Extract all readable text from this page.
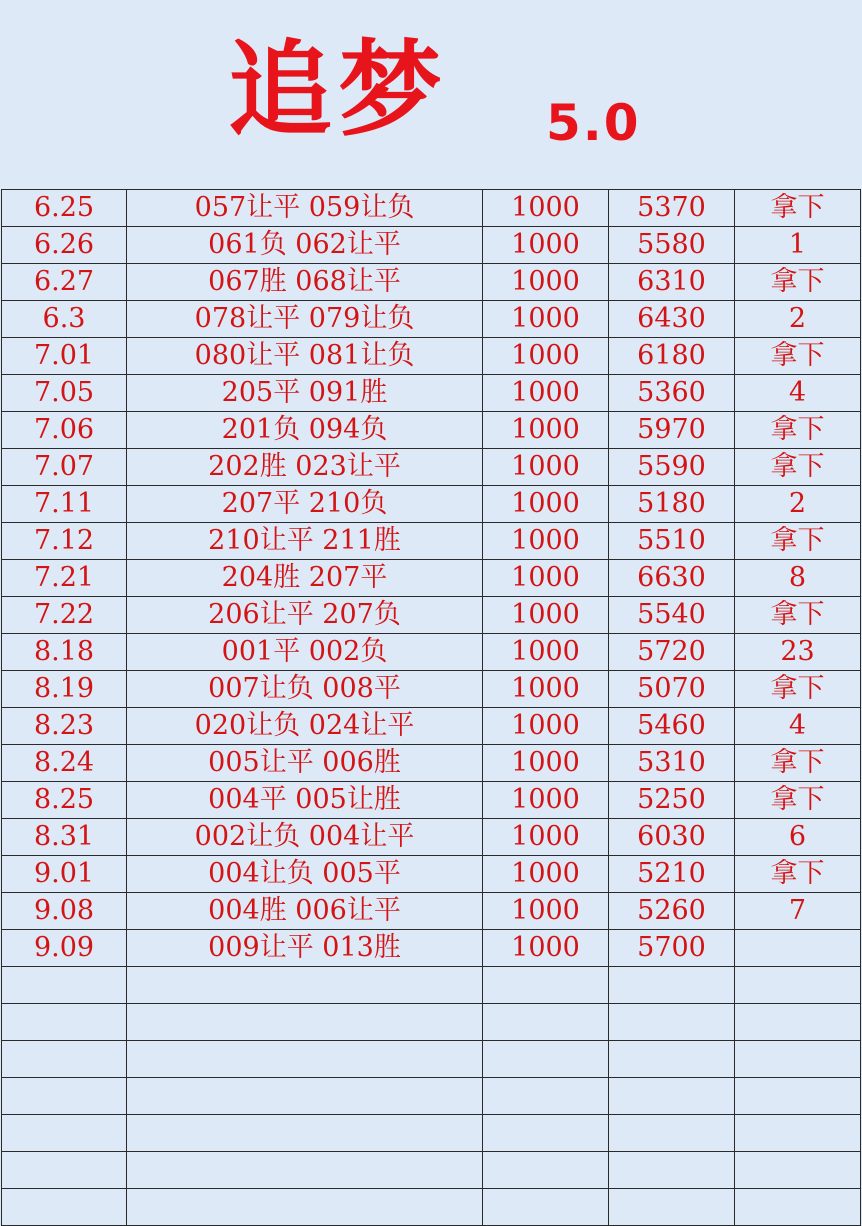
追梦 5.0
6.25	057让平 059让负	1000	5370	拿下
6.26	061负 062让平	1000	5580	1
6.27	067胜 068让平	1000	6310	拿下
6.3	078让平 079让负	1000	6430	2
7.01	080让平 081让负	1000	6180	拿下
7.05	205平 091胜	1000	5360	4
7.06	201负 094负	1000	5970	拿下
7.07	202胜 023让平	1000	5590	拿下
7.11	207平 210负	1000	5180	2
7.12	210让平 211胜	1000	5510	拿下
7.21	204胜 207平	1000	6630	8
7.22	206让平 207负	1000	5540	拿下
8.18	001平 002负	1000	5720	23
8.19	007让负 008平	1000	5070	拿下
8.23	020让负 024让平	1000	5460	4
8.24	005让平 006胜	1000	5310	拿下
8.25	004平 005让胜	1000	5250	拿下
8.31	002让负 004让平	1000	6030	6
9.01	004让负 005平	1000	5210	拿下
9.08	004胜 006让平	1000	5260	7
9.09	009让平 013胜	1000	5700	
